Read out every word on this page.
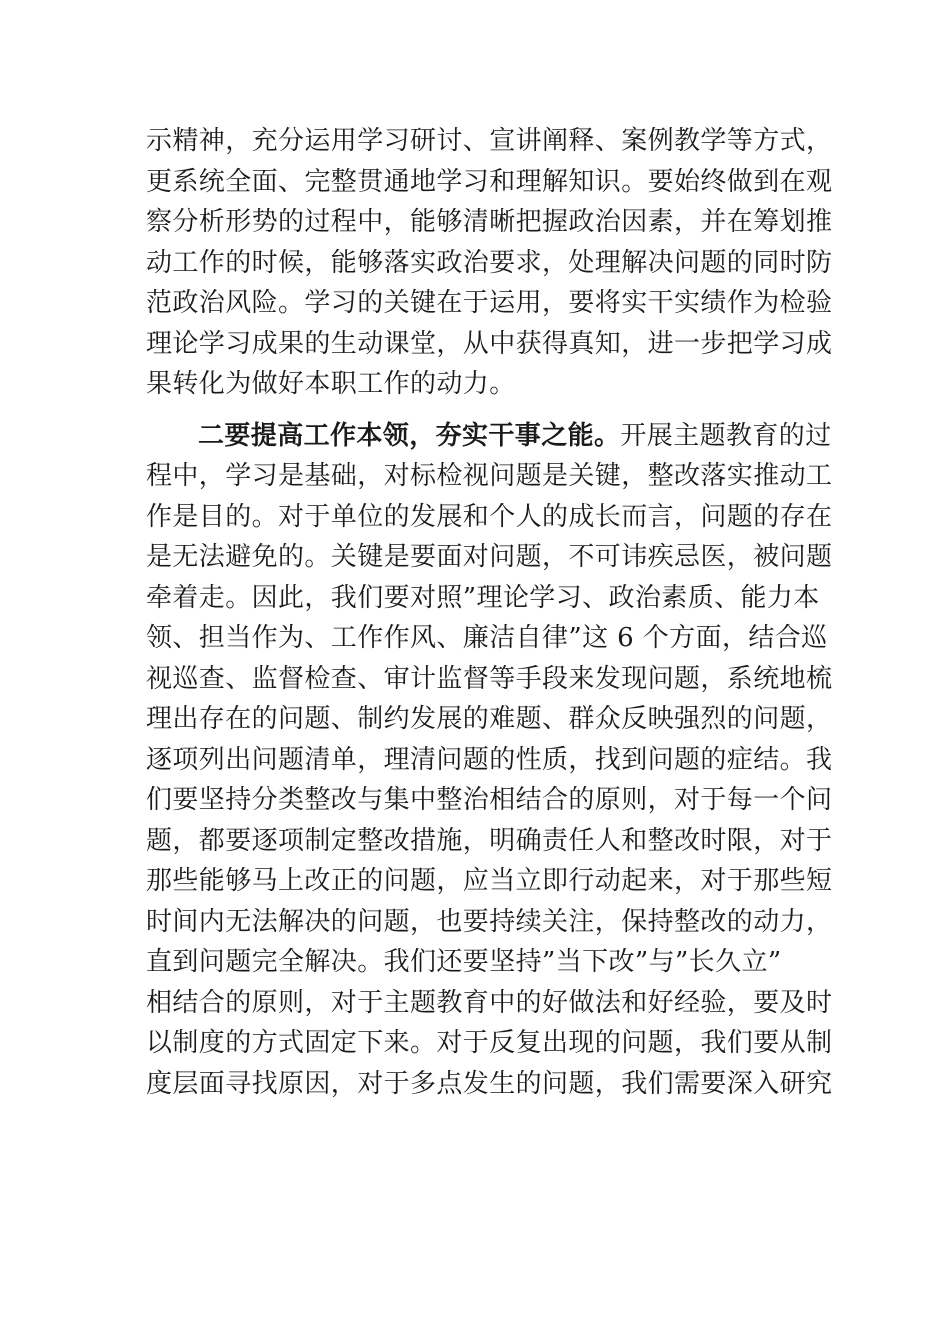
示精神，充分运用学习研讨、宣讲阐释、案例教学等方式，
更系统全面、完整贯通地学习和理解知识。要始终做到在观
察分析形势的过程中，能够清晰把握政治因素，并在筹划推
动工作的时候，能够落实政治要求，处理解决问题的同时防
范政治风险。学习的关键在于运用，要将实干实绩作为检验
理论学习成果的生动课堂，从中获得真知，进一步把学习成
果转化为做好本职工作的动力。
二要提高工作本领，夯实干事之能。开展主题教育的过
程中，学习是基础，对标检视问题是关键，整改落实推动工
作是目的。对于单位的发展和个人的成长而言，问题的存在
是无法避免的。关键是要面对问题，不可讳疾忌医，被问题
牵着走。因此，我们要对照”理论学习、政治素质、能力本
领、担当作为、工作作风、廉洁自律”这 6 个方面，结合巡
视巡查、监督检查、审计监督等手段来发现问题，系统地梳
理出存在的问题、制约发展的难题、群众反映强烈的问题，
逐项列出问题清单，理清问题的性质，找到问题的症结。我
们要坚持分类整改与集中整治相结合的原则，对于每一个问
题，都要逐项制定整改措施，明确责任人和整改时限，对于
那些能够马上改正的问题，应当立即行动起来，对于那些短
时间内无法解决的问题，也要持续关注，保持整改的动力，
直到问题完全解决。我们还要坚持”当下改”与”长久立”
相结合的原则，对于主题教育中的好做法和好经验，要及时
以制度的方式固定下来。对于反复出现的问题，我们要从制
度层面寻找原因，对于多点发生的问题，我们需要深入研究
